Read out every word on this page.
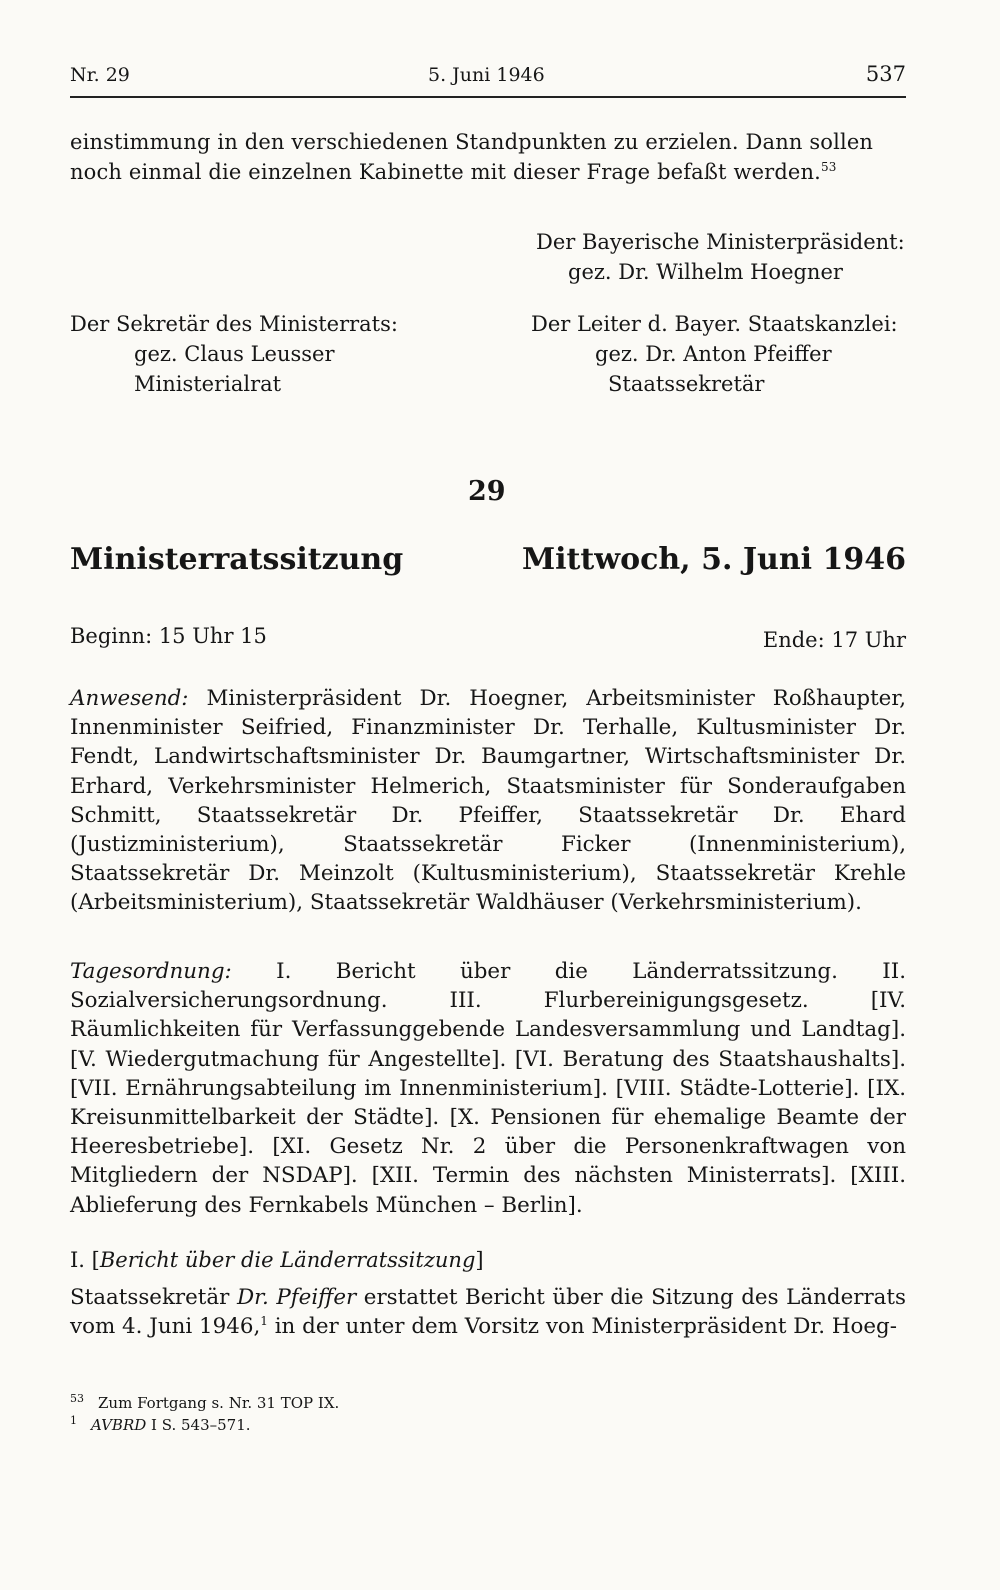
Nr. 29	5. Juni 1946	537
einstimmung in den verschiedenen Standpunkten zu erzielen. Dann sollen
noch einmal die einzelnen Kabinette mit dieser Frage befaßt werden.$^{53}$
Der Bayerische Ministerpräsident:
gez. Dr. Wilhelm Hoegner
Der Sekretär des Ministerrats:
gez. Claus Leusser
Ministerialrat
Der Leiter d. Bayer. Staatskanzlei:
gez. Dr. Anton Pfeiffer
Staatssekretär
29
Ministerratssitzung	Mittwoch, 5. Juni 1946
Beginn: 15 Uhr 15	Ende: 17 Uhr
Anwesend: Ministerpräsident Dr. Hoegner, Arbeitsminister Roßhaupter, Innenminister Seifried, Finanzminister Dr. Terhalle, Kultusminister Dr. Fendt, Landwirtschaftsminister Dr. Baumgartner, Wirtschaftsminister Dr. Erhard, Verkehrsminister Helmerich, Staatsminister für Sonderaufgaben Schmitt, Staatssekretär Dr. Pfeiffer, Staatssekretär Dr. Ehard (Justizministerium), Staatssekretär Ficker (Innenministerium), Staatssekretär Dr. Meinzolt (Kultusministerium), Staatssekretär Krehle (Arbeitsministerium), Staatssekretär Waldhäuser (Verkehrsministerium).
Tagesordnung: I. Bericht über die Länderratssitzung. II. Sozialversicherungsordnung. III. Flurbereinigungsgesetz. [IV. Räumlichkeiten für Verfassunggebende Landesversammlung und Landtag]. [V. Wiedergutmachung für Angestellte]. [VI. Beratung des Staatshaushalts]. [VII. Ernährungsabteilung im Innenministerium]. [VIII. Städte-Lotterie]. [IX. Kreisunmittelbarkeit der Städte]. [X. Pensionen für ehemalige Beamte der Heeresbetriebe]. [XI. Gesetz Nr. 2 über die Personenkraftwagen von Mitgliedern der NSDAP]. [XII. Termin des nächsten Ministerrats]. [XIII. Ablieferung des Fernkabels München – Berlin].
I. [Bericht über die Länderratssitzung]
Staatssekretär Dr. Pfeiffer erstattet Bericht über die Sitzung des Länderrats vom 4. Juni 1946,$^1$ in der unter dem Vorsitz von Ministerpräsident Dr. Hoeg-
$^{53}$ Zum Fortgang s. Nr. 31 TOP IX.
$^1$ AVBRD I S. 543–571.
